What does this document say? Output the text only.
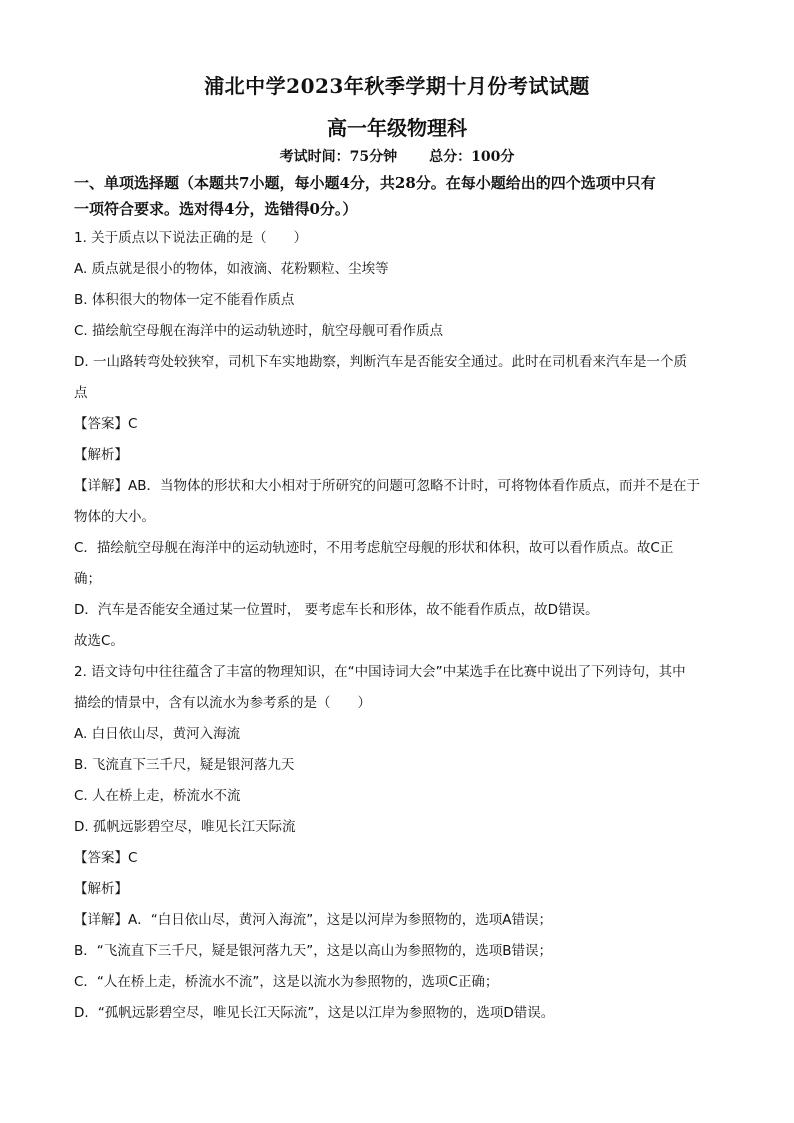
浦北中学2023年秋季学期十月份考试试题
高一年级物理科
考试时间：75分钟 总分：100分
一、单项选择题（本题共7小题，每小题4分，共28分。在每小题给出的四个选项中只有
一项符合要求。选对得4分，选错得0分。）
1. 关于质点以下说法正确的是（　　）
A. 质点就是很小的物体，如液滴、花粉颗粒、尘埃等
B. 体积很大的物体一定不能看作质点
C. 描绘航空母舰在海洋中的运动轨迹时，航空母舰可看作质点
D. 一山路转弯处较狭窄，司机下车实地勘察，判断汽车是否能安全通过。此时在司机看来汽车是一个质
点
【答案】C
【解析】
【详解】AB．当物体的形状和大小相对于所研究的问题可忽略不计时，可将物体看作质点，而并不是在于
物体的大小。
C．描绘航空母舰在海洋中的运动轨迹时，不用考虑航空母舰的形状和体积，故可以看作质点。故C正
确；
D．汽车是否能安全通过某一位置时， 要考虑车长和形体，故不能看作质点，故D错误。
故选C。
2. 语文诗句中往往蕴含了丰富的物理知识，在“中国诗词大会”中某选手在比赛中说出了下列诗句，其中
描绘的情景中，含有以流水为参考系的是（　　）
A. 白日依山尽，黄河入海流
B. 飞流直下三千尺，疑是银河落九天
C. 人在桥上走，桥流水不流
D. 孤帆远影碧空尽，唯见长江天际流
【答案】C
【解析】
【详解】A．“白日依山尽，黄河入海流”，这是以河岸为参照物的，选项A错误；
B．“飞流直下三千尺，疑是银河落九天”，这是以高山为参照物的，选项B错误；
C．“人在桥上走，桥流水不流”，这是以流水为参照物的，选项C正确；
D．“孤帆远影碧空尽，唯见长江天际流”，这是以江岸为参照物的，选项D错误。
